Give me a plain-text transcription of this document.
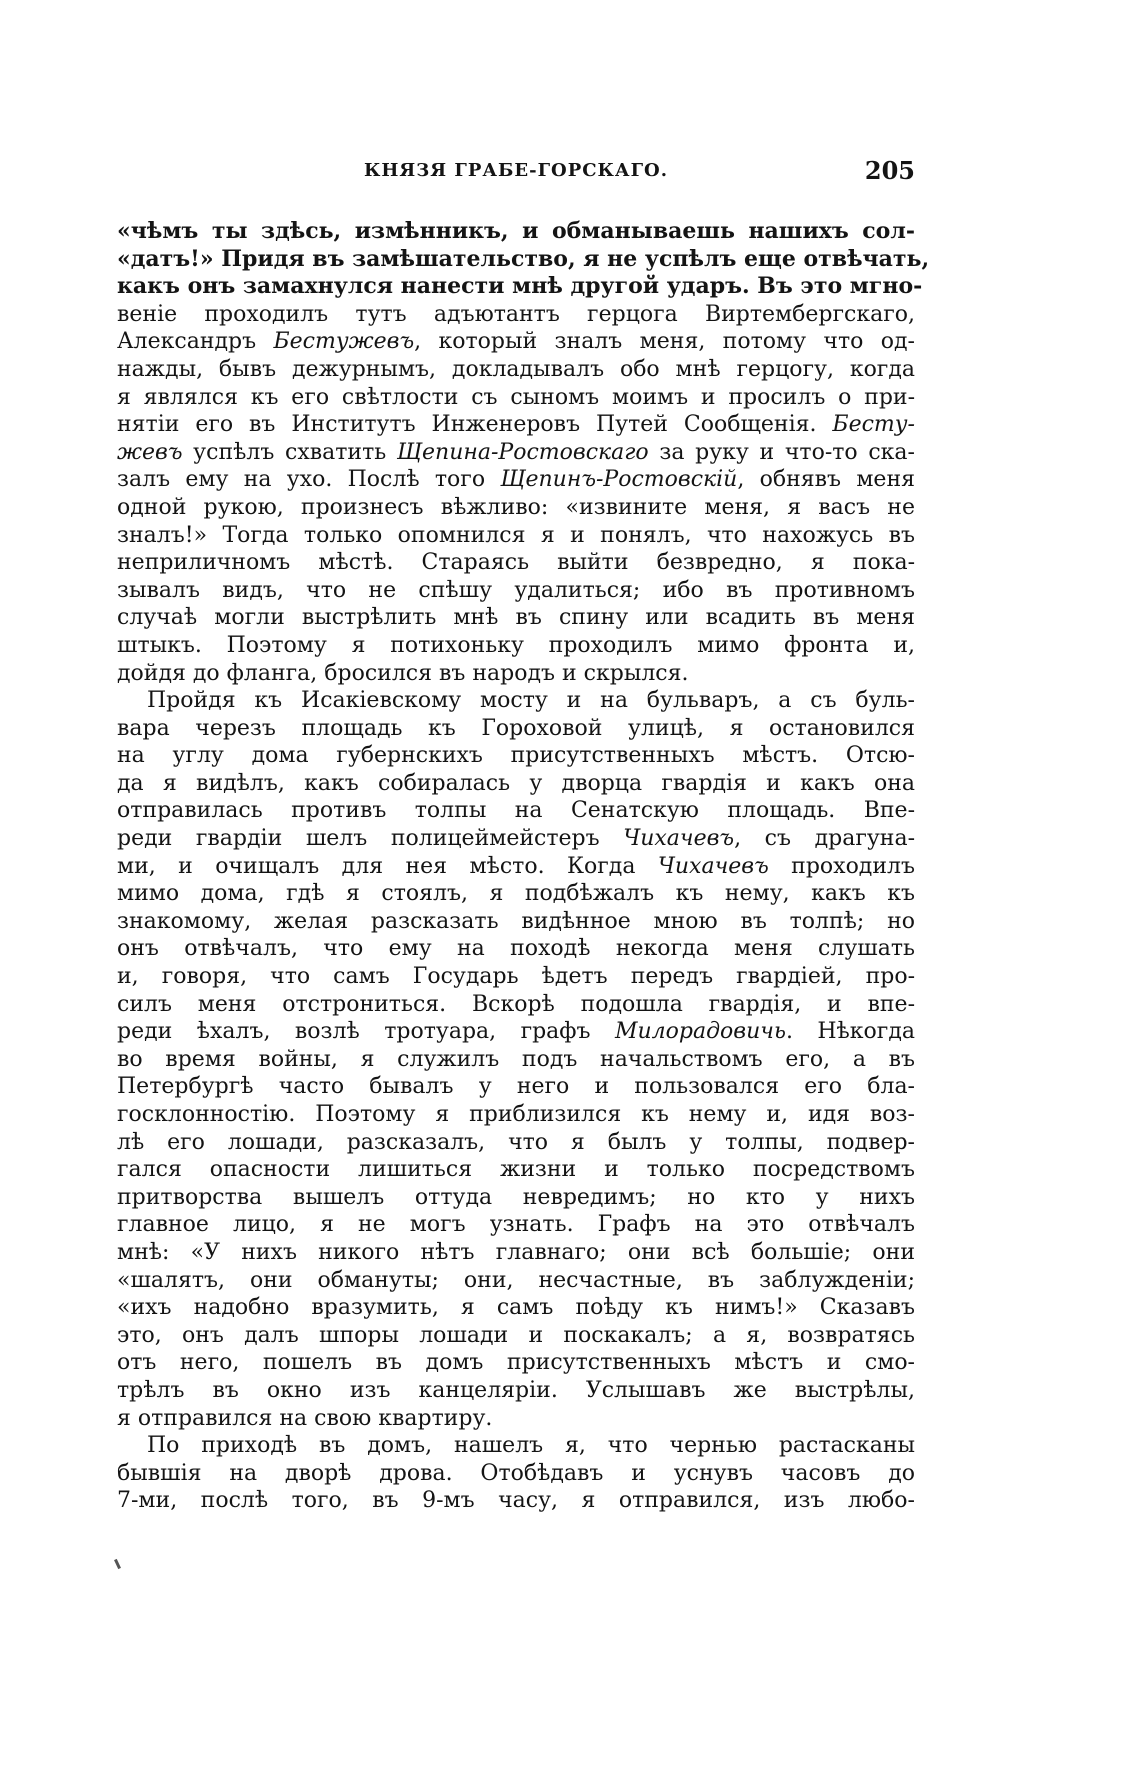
КНЯЗЯ ГРАБЕ-ГОРСКАГО.	205
«чѣмъ ты здѣсь, измѣнникъ, и обманываешь нашихъ сол-
«датъ!» Придя въ замѣшательство, я не успѣлъ еще отвѣчать,
какъ онъ замахнулся нанести мнѣ другой ударъ. Въ это мгно-
веніе проходилъ тутъ адъютантъ герцога Виртембергскаго,
Александръ Бестужевъ, который зналъ меня, потому что од-
нажды, бывъ дежурнымъ, докладывалъ обо мнѣ герцогу, когда
я являлся къ его свѣтлости съ сыномъ моимъ и просилъ о при-
нятіи его въ Институтъ Инженеровъ Путей Сообщенія. Бесту-
жевъ успѣлъ схватить Щепина-Ростовскаго за руку и что-то ска-
залъ ему на ухо. Послѣ того Щепинъ-Ростовскій, обнявъ меня
одной рукою, произнесъ вѣжливо: «извините меня, я васъ не
зналъ!» Тогда только опомнился я и понялъ, что нахожусь въ
неприличномъ мѣстѣ. Стараясь выйти безвредно, я пока-
зывалъ видъ, что не спѣшу удалиться; ибо въ противномъ
случаѣ могли выстрѣлить мнѣ въ спину или всадить въ меня
штыкъ. Поэтому я потихоньку проходилъ мимо фронта и,
дойдя до фланга, бросился въ народъ и скрылся.
Пройдя къ Исакіевскому мосту и на бульваръ, а съ буль-
вара черезъ площадь къ Гороховой улицѣ, я остановился
на углу дома губернскихъ присутственныхъ мѣстъ. Отсю-
да я видѣлъ, какъ собиралась у дворца гвардія и какъ она
отправилась противъ толпы на Сенатскую площадь. Впе-
реди гвардіи шелъ полицеймейстеръ Чихачевъ, съ драгуна-
ми, и очищалъ для нея мѣсто. Когда Чихачевъ проходилъ
мимо дома, гдѣ я стоялъ, я подбѣжалъ къ нему, какъ къ
знакомому, желая разсказать видѣнное мною въ толпѣ; но
онъ отвѣчалъ, что ему на походѣ некогда меня слушать
и, говоря, что самъ Государь ѣдетъ передъ гвардіей, про-
силъ меня отстрониться. Вскорѣ подошла гвардія, и впе-
реди ѣхалъ, возлѣ тротуара, графъ Милорадовичь. Нѣкогда
во время войны, я служилъ подъ начальствомъ его, а въ
Петербургѣ часто бывалъ у него и пользовался его бла-
госклонностію. Поэтому я приблизился къ нему и, идя воз-
лѣ его лошади, разсказалъ, что я былъ у толпы, подвер-
гался опасности лишиться жизни и только посредствомъ
притворства вышелъ оттуда невредимъ; но кто у нихъ
главное лицо, я не могъ узнать. Графъ на это отвѣчалъ
мнѣ: «У нихъ никого нѣтъ главнаго; они всѣ большіе; они
«шалятъ, они обмануты; они, несчастные, въ заблужденіи;
«ихъ надобно вразумить, я самъ поѣду къ нимъ!» Сказавъ
это, онъ далъ шпоры лошади и поскакалъ; а я, возвратясь
отъ него, пошелъ въ домъ присутственныхъ мѣстъ и смо-
трѣлъ въ окно изъ канцеляріи. Услышавъ же выстрѣлы,
я отправился на свою квартиру.
По приходѣ въ домъ, нашелъ я, что чернью растасканы
бывшія на дворѣ дрова. Отобѣдавъ и уснувъ часовъ до
7-ми, послѣ того, въ 9-мъ часу, я отправился, изъ любо-
